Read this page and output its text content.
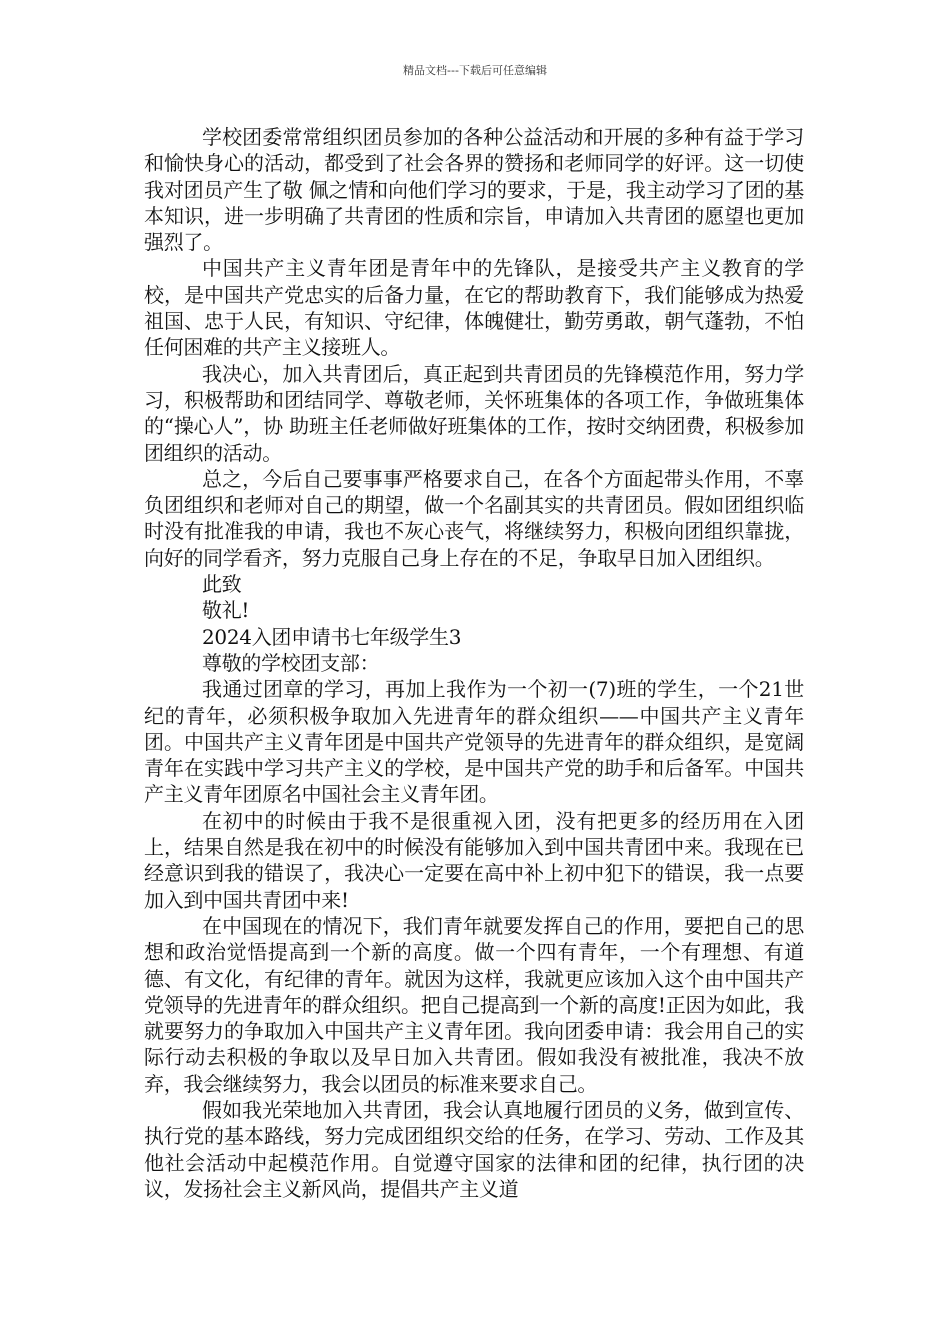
精品文档---下载后可任意编辑

学校团委常常组织团员参加的各种公益活动和开展的多种有益于学习和愉快身心的活动，都受到了社会各界的赞扬和老师同学的好评。这一切使我对团员产生了敬 佩之情和向他们学习的要求，于是，我主动学习了团的基本知识，进一步明确了共青团的性质和宗旨，申请加入共青团的愿望也更加强烈了。

中国共产主义青年团是青年中的先锋队，是接受共产主义教育的学校，是中国共产党忠实的后备力量，在它的帮助教育下，我们能够成为热爱祖国、忠于人民，有知识、守纪律，体魄健壮，勤劳勇敢，朝气蓬勃，不怕任何困难的共产主义接班人。

我决心，加入共青团后，真正起到共青团员的先锋模范作用，努力学习，积极帮助和团结同学、尊敬老师，关怀班集体的各项工作，争做班集体的“操心人”，协 助班主任老师做好班集体的工作，按时交纳团费，积极参加团组织的活动。

总之，今后自己要事事严格要求自己，在各个方面起带头作用，不辜负团组织和老师对自己的期望，做一个名副其实的共青团员。假如团组织临时没有批准我的申请，我也不灰心丧气，将继续努力，积极向团组织靠拢，向好的同学看齐，努力克服自己身上存在的不足，争取早日加入团组织。

此致

敬礼!

2024入团申请书七年级学生3

尊敬的学校团支部：

我通过团章的学习，再加上我作为一个初一(7)班的学生，一个21世纪的青年，必须积极争取加入先进青年的群众组织——中国共产主义青年团。中国共产主义青年团是中国共产党领导的先进青年的群众组织，是宽阔青年在实践中学习共产主义的学校，是中国共产党的助手和后备军。中国共产主义青年团原名中国社会主义青年团。

在初中的时候由于我不是很重视入团，没有把更多的经历用在入团上，结果自然是我在初中的时候没有能够加入到中国共青团中来。我现在已经意识到我的错误了，我决心一定要在高中补上初中犯下的错误，我一点要加入到中国共青团中来!

在中国现在的情况下，我们青年就要发挥自己的作用，要把自己的思想和政治觉悟提高到一个新的高度。做一个四有青年，一个有理想、有道德、有文化，有纪律的青年。就因为这样，我就更应该加入这个由中国共产党领导的先进青年的群众组织。把自己提高到一个新的高度!正因为如此，我就要努力的争取加入中国共产主义青年团。我向团委申请：我会用自己的实际行动去积极的争取以及早日加入共青团。假如我没有被批准，我决不放弃，我会继续努力，我会以团员的标准来要求自己。

假如我光荣地加入共青团，我会认真地履行团员的义务，做到宣传、执行党的基本路线，努力完成团组织交给的任务，在学习、劳动、工作及其他社会活动中起模范作用。自觉遵守国家的法律和团的纪律，执行团的决议，发扬社会主义新风尚，提倡共产主义道
